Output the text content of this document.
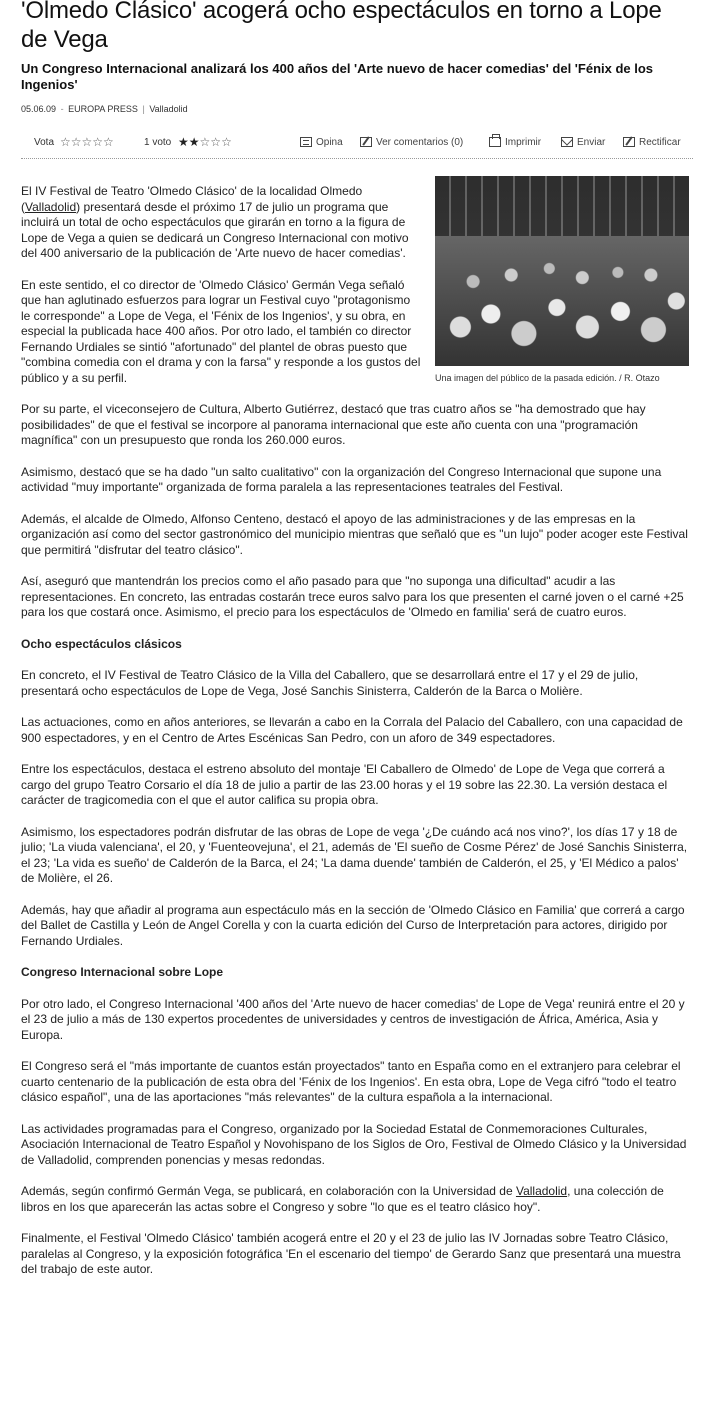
'Olmedo Clásico' acogerá ocho espectáculos en torno a Lope de Vega
Un Congreso Internacional analizará los 400 años del 'Arte nuevo de hacer comedias' del 'Fénix de los Ingenios'
05.06.09 - EUROPA PRESS | Valladolid
Vota ☆☆☆☆☆	1 voto ★★☆☆☆	Opina	Ver comentarios (0)	Imprimir	Enviar	Rectificar
Una imagen del público de la pasada edición. / R. Otazo

El IV Festival de Teatro 'Olmedo Clásico' de la localidad Olmedo (Valladolid) presentará desde el próximo 17 de julio un programa que incluirá un total de ocho espectáculos que girarán en torno a la figura de Lope de Vega a quien se dedicará un Congreso Internacional con motivo del 400 aniversario de la publicación de 'Arte nuevo de hacer comedias'.

En este sentido, el co director de 'Olmedo Clásico' Germán Vega señaló que han aglutinado esfuerzos para lograr un Festival cuyo "protagonismo le corresponde" a Lope de Vega, el 'Fénix de los Ingenios', y su obra, en especial la publicada hace 400 años. Por otro lado, el también co director Fernando Urdiales se sintió "afortunado" del plantel de obras puesto que "combina comedia con el drama y con la farsa" y responde a los gustos del público y a su perfil.

Por su parte, el viceconsejero de Cultura, Alberto Gutiérrez, destacó que tras cuatro años se "ha demostrado que hay posibilidades" de que el festival se incorpore al panorama internacional que este año cuenta con una "programación magnífica" con un presupuesto que ronda los 260.000 euros.

Asimismo, destacó que se ha dado "un salto cualitativo" con la organización del Congreso Internacional que supone una actividad "muy importante" organizada de forma paralela a las representaciones teatrales del Festival.

Además, el alcalde de Olmedo, Alfonso Centeno, destacó el apoyo de las administraciones y de las empresas en la organización así como del sector gastronómico del municipio mientras que señaló que es "un lujo" poder acoger este Festival que permitirá "disfrutar del teatro clásico".

Así, aseguró que mantendrán los precios como el año pasado para que "no suponga una dificultad" acudir a las representaciones. En concreto, las entradas costarán trece euros salvo para los que presenten el carné joven o el carné +25 para los que costará once. Asimismo, el precio para los espectáculos de 'Olmedo en familia' será de cuatro euros.

Ocho espectáculos clásicos

En concreto, el IV Festival de Teatro Clásico de la Villa del Caballero, que se desarrollará entre el 17 y el 29 de julio, presentará ocho espectáculos de Lope de Vega, José Sanchis Sinisterra, Calderón de la Barca o Molière.

Las actuaciones, como en años anteriores, se llevarán a cabo en la Corrala del Palacio del Caballero, con una capacidad de 900 espectadores, y en el Centro de Artes Escénicas San Pedro, con un aforo de 349 espectadores.

Entre los espectáculos, destaca el estreno absoluto del montaje 'El Caballero de Olmedo' de Lope de Vega que correrá a cargo del grupo Teatro Corsario el día 18 de julio a partir de las 23.00 horas y el 19 sobre las 22.30. La versión destaca el carácter de tragicomedia con el que el autor califica su propia obra.

Asimismo, los espectadores podrán disfrutar de las obras de Lope de vega '¿De cuándo acá nos vino?', los días 17 y 18 de julio; 'La viuda valenciana', el 20, y 'Fuenteovejuna', el 21, además de 'El sueño de Cosme Pérez' de José Sanchis Sinisterra, el 23; 'La vida es sueño' de Calderón de la Barca, el 24; 'La dama duende' también de Calderón, el 25, y 'El Médico a palos' de Molière, el 26.

Además, hay que añadir al programa aun espectáculo más en la sección de 'Olmedo Clásico en Familia' que correrá a cargo del Ballet de Castilla y León de Angel Corella y con la cuarta edición del Curso de Interpretación para actores, dirigido por Fernando Urdiales.

Congreso Internacional sobre Lope

Por otro lado, el Congreso Internacional '400 años del 'Arte nuevo de hacer comedias' de Lope de Vega' reunirá entre el 20 y el 23 de julio a más de 130 expertos procedentes de universidades y centros de investigación de África, América, Asia y Europa.

El Congreso será el "más importante de cuantos están proyectados" tanto en España como en el extranjero para celebrar el cuarto centenario de la publicación de esta obra del 'Fénix de los Ingenios'. En esta obra, Lope de Vega cifró "todo el teatro clásico español", una de las aportaciones "más relevantes" de la cultura española a la internacional.

Las actividades programadas para el Congreso, organizado por la Sociedad Estatal de Conmemoraciones Culturales, Asociación Internacional de Teatro Español y Novohispano de los Siglos de Oro, Festival de Olmedo Clásico y la Universidad de Valladolid, comprenden ponencias y mesas redondas.

Además, según confirmó Germán Vega, se publicará, en colaboración con la Universidad de Valladolid, una colección de libros en los que aparecerán las actas sobre el Congreso y sobre "lo que es el teatro clásico hoy".

Finalmente, el Festival 'Olmedo Clásico' también acogerá entre el 20 y el 23 de julio las IV Jornadas sobre Teatro Clásico, paralelas al Congreso, y la exposición fotográfica 'En el escenario del tiempo' de Gerardo Sanz que presentará una muestra del trabajo de este autor.
